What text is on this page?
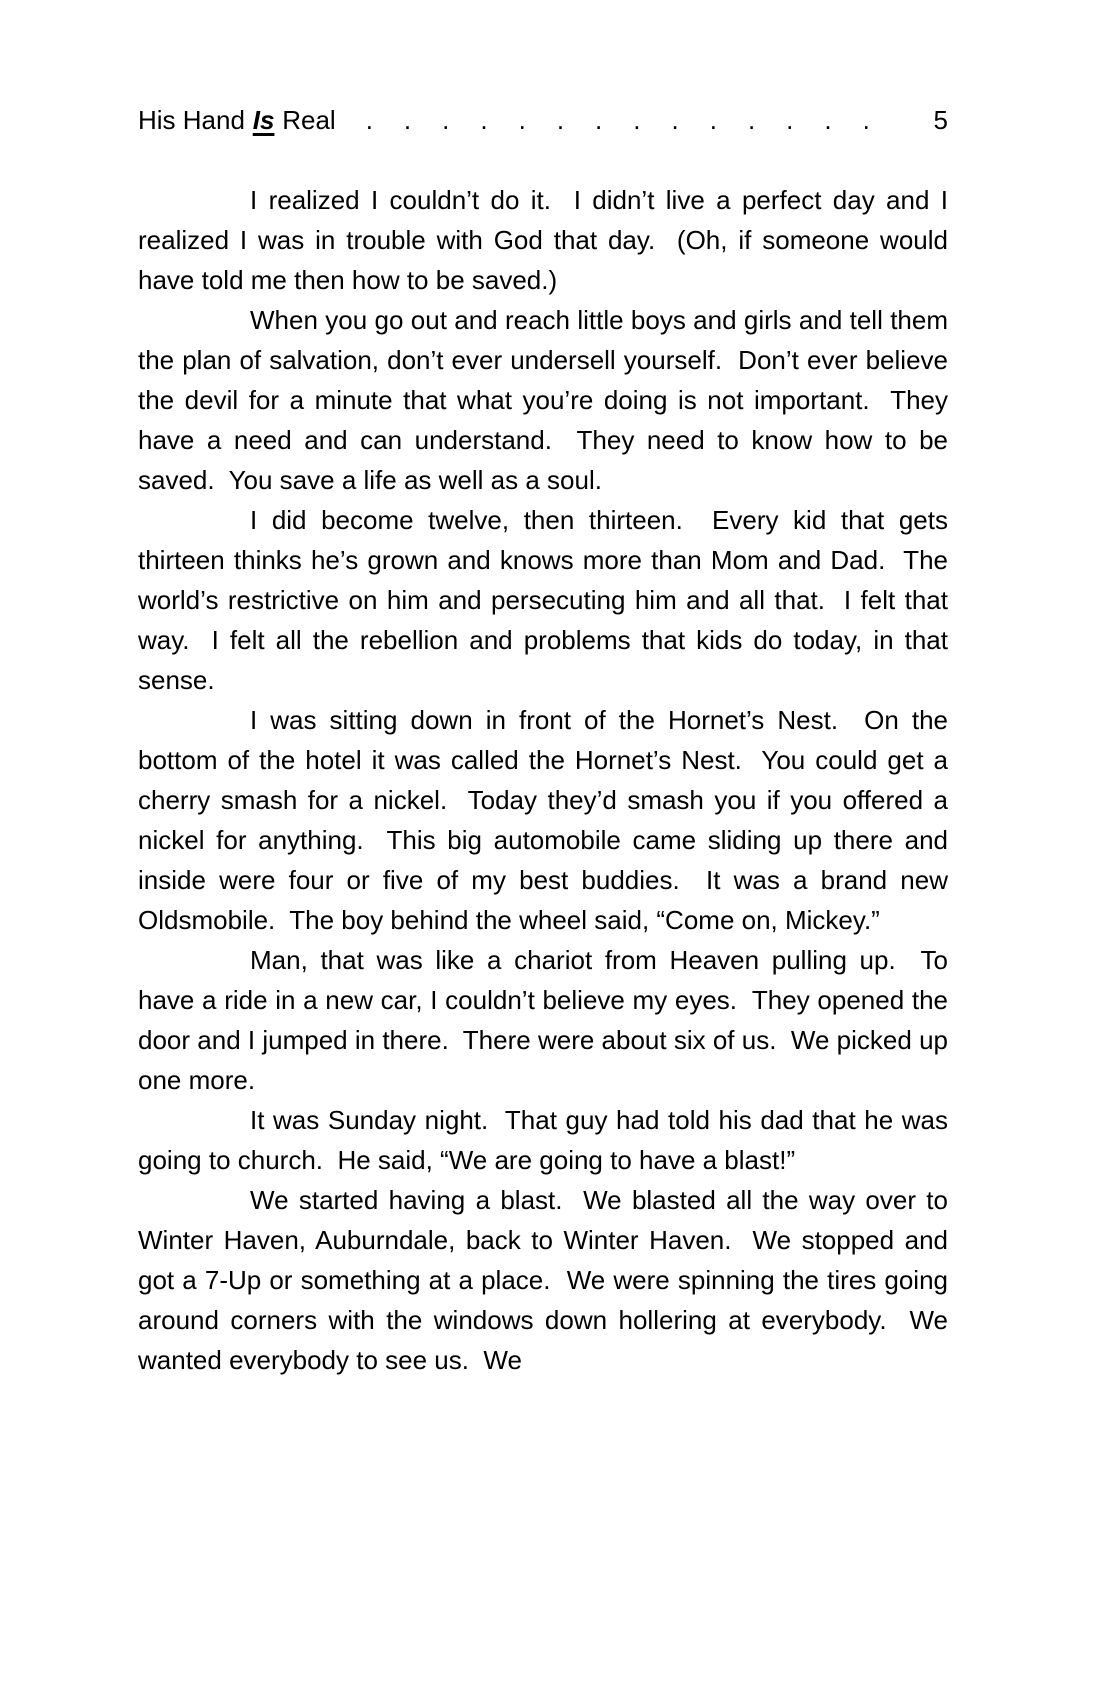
His Hand Is Real	..............	5

I realized I couldn’t do it.  I didn’t live a perfect day and I realized I was in trouble with God that day.  (Oh, if someone would have told me then how to be saved.)

When you go out and reach little boys and girls and tell them the plan of salvation, don’t ever undersell yourself.  Don’t ever believe the devil for a minute that what you’re doing is not important.  They have a need and can understand.  They need to know how to be saved.  You save a life as well as a soul.

I did become twelve, then thirteen.  Every kid that gets thirteen thinks he’s grown and knows more than Mom and Dad.  The world’s restrictive on him and persecuting him and all that.  I felt that way.  I felt all the rebellion and problems that kids do today, in that sense.

I was sitting down in front of the Hornet’s Nest.  On the bottom of the hotel it was called the Hornet’s Nest.  You could get a cherry smash for a nickel.  Today they’d smash you if you offered a nickel for anything.  This big automobile came sliding up there and inside were four or five of my best buddies.  It was a brand new Oldsmobile.  The boy behind the wheel said, “Come on, Mickey.”

Man, that was like a chariot from Heaven pulling up.  To have a ride in a new car, I couldn’t believe my eyes.  They opened the door and I jumped in there.  There were about six of us.  We picked up one more.

It was Sunday night.  That guy had told his dad that he was going to church.  He said, “We are going to have a blast!”

We started having a blast.  We blasted all the way over to Winter Haven, Auburndale, back to Winter Haven.  We stopped and got a 7-Up or something at a place.  We were spinning the tires going around corners with the windows down hollering at everybody.  We wanted everybody to see us.  We
